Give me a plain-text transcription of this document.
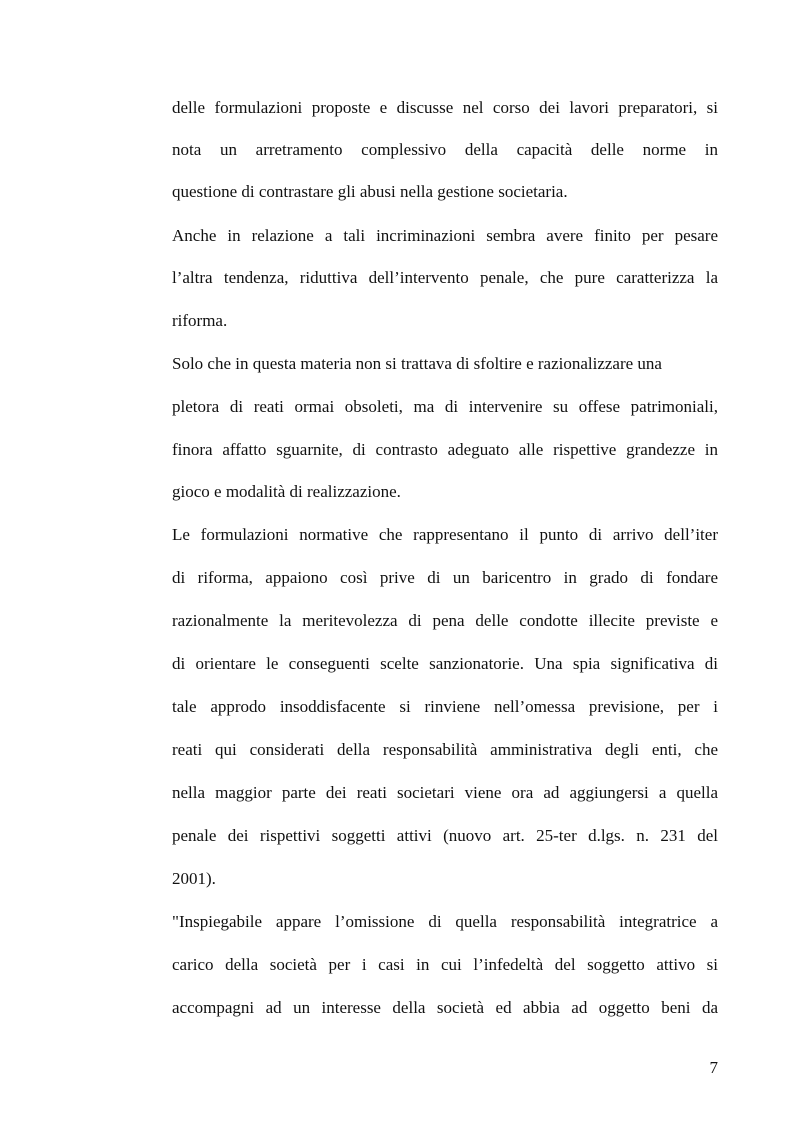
delle formulazioni proposte e discusse nel corso dei lavori preparatori, si
nota un arretramento complessivo della capacità delle norme in
questione di contrastare gli abusi nella gestione societaria.
Anche in relazione a tali incriminazioni sembra avere finito per pesare
l’altra tendenza, riduttiva dell’intervento penale, che pure caratterizza la
riforma.
Solo che in questa materia non si trattava di sfoltire e razionalizzare una
pletora di reati ormai obsoleti, ma di intervenire su offese patrimoniali,
finora affatto sguarnite, di contrasto adeguato alle rispettive grandezze in
gioco e modalità di realizzazione.
Le formulazioni normative che rappresentano il punto di arrivo dell’iter
di riforma, appaiono così prive di un baricentro in grado di fondare
razionalmente la meritevolezza di pena delle condotte illecite previste e
di orientare le conseguenti scelte sanzionatorie. Una spia significativa di
tale approdo insoddisfacente si rinviene nell’omessa previsione, per i
reati qui considerati della responsabilità amministrativa degli enti, che
nella maggior parte dei reati societari viene ora ad aggiungersi a quella
penale dei rispettivi soggetti attivi (nuovo art. 25-ter d.lgs. n. 231 del
2001).
"Inspiegabile appare l’omissione di quella responsabilità integratrice a
carico della società per i casi in cui l’infedeltà del soggetto attivo si
accompagni ad un interesse della società ed abbia ad oggetto beni da
7
